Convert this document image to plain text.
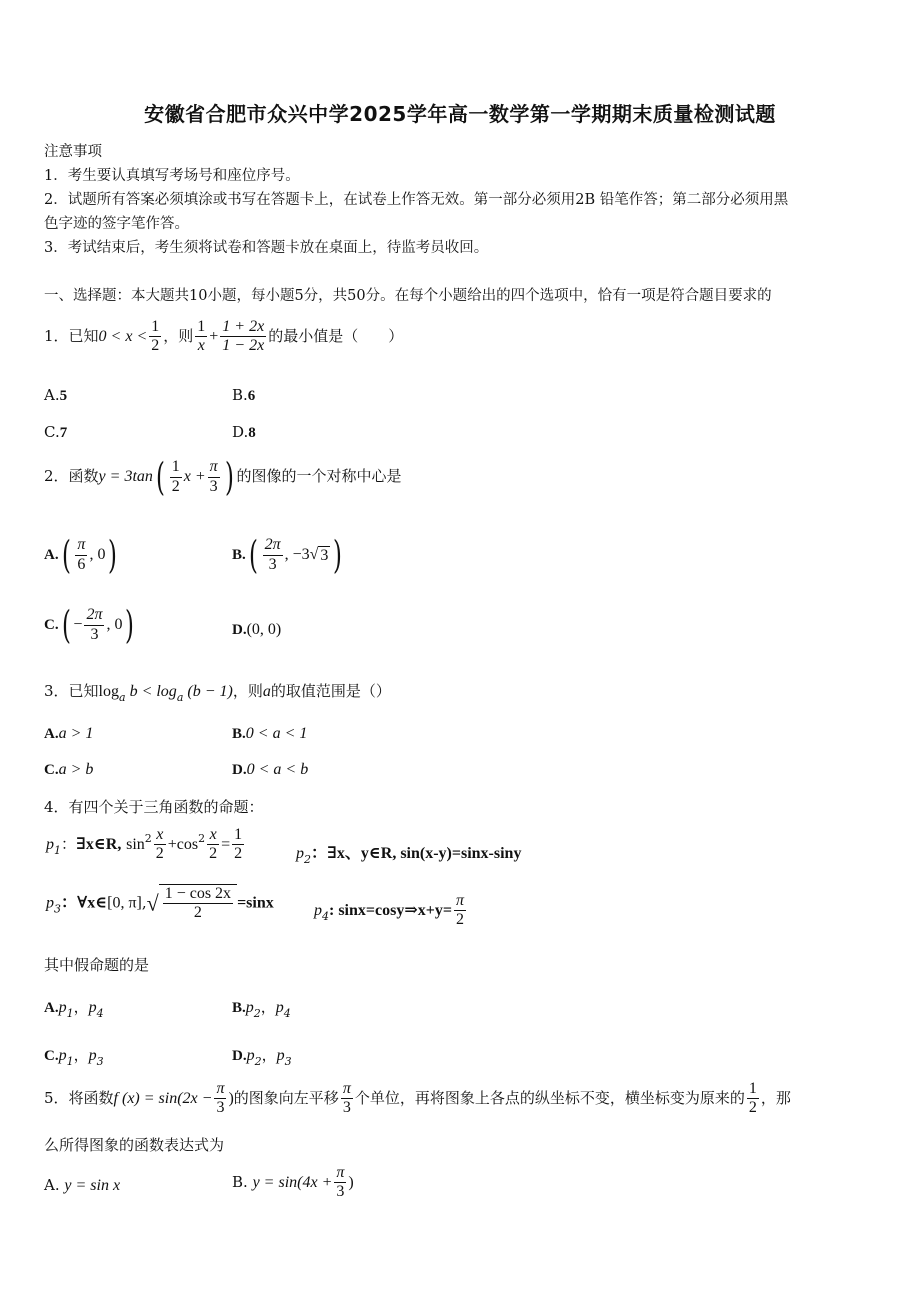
安徽省合肥市众兴中学2025学年高一数学第一学期期末质量检测试题
注意事项
1．考生要认真填写考场号和座位序号。
2．试题所有答案必须填涂或书写在答题卡上，在试卷上作答无效。第一部分必须用2B 铅笔作答；第二部分必须用黑
色字迹的签字笔作答。
3．考试结束后，考生须将试卷和答题卡放在桌面上，待监考员收回。
一、选择题：本大题共10小题，每小题5分，共50分。在每个小题给出的四个选项中，恰有一项是符合题目要求的
1．已知$0 < x < \frac{1}{2}$ ，则 $\frac{1}{x} + \frac{1 + 2x}{1 - 2x}$ 的最小值是（　　）
A.5	B.6
C.7	D.8
2．函数$y = 3\tan( \frac{1}{2}$ $x + \frac{\pi}{3}$ ) 的图像的一个对称中心是
$A.( \frac{\pi}{6}$ , 0)	$B.( \frac{2\pi}{3}$ , −3√ 3 )
$C.( - \frac{2\pi}{3}$ , 0)	D.(0, 0)
3．已知$\log_a b < \log_a (b - 1)$，则a的取值范围是（）
A.a > 1	B.0 < a < 1
C.a > b	D.0 < a < b
4．有四个关于三角函数的命题：
$p_1$：∃x∈R, $\sin^2 \frac{x}{2} +\cos^2 \frac{x}{2} = \frac{1}{2}$	$p_2$：∃x、y∈R, sin(x-y)=sinx-siny
$p_3$：∀x∈[0, $\pi],√ \frac{1 - \cos 2x}{2} =\sin x$	$p_4$: sinx=cosy⇒x+y= $\frac{\pi}{2}$
其中假命题的是
$A.p_1$，$p_4$	$B.p_2$，$p_4$
$C.p_1$，$p_3$	$D.p_2$，$p_3$
5．将函数f $(x) = \sin(2x - \frac{\pi}{3}$ )的图象向左平移 $\frac{\pi}{3}$ 个单位，再将图象上各点的纵坐标不变，横坐标变为原来的 $\frac{1}{2}$ ，那
么所得图象的函数表达式为
A. y = sin x	B. $y = \sin(4x + \frac{\pi}{3}$ )
